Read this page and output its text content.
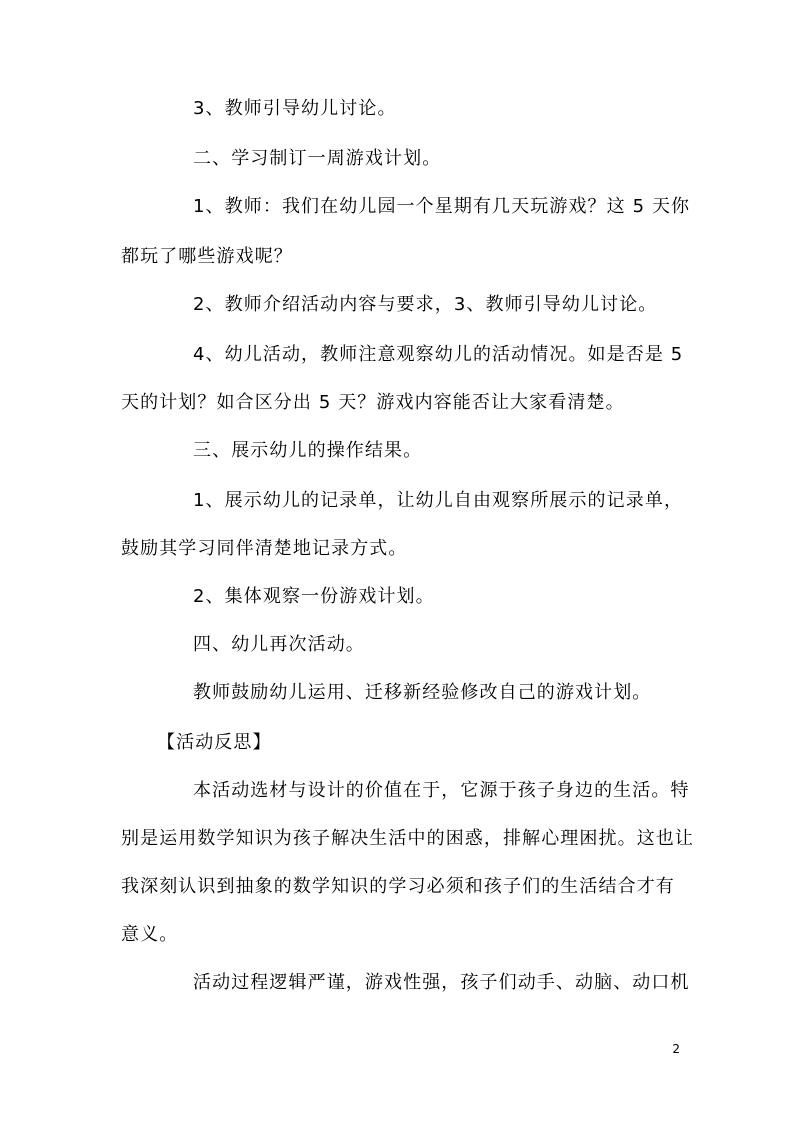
3、教师引导幼儿讨论。
二、学习制订一周游戏计划。
1、教师：我们在幼儿园一个星期有几天玩游戏？这 5 天你
都玩了哪些游戏呢？
2、教师介绍活动内容与要求，3、教师引导幼儿讨论。
4、幼儿活动，教师注意观察幼儿的活动情况。如是否是 5
天的计划？如合区分出 5 天？游戏内容能否让大家看清楚。
三、展示幼儿的操作结果。
1、展示幼儿的记录单，让幼儿自由观察所展示的记录单，
鼓励其学习同伴清楚地记录方式。
2、集体观察一份游戏计划。
四、幼儿再次活动。
教师鼓励幼儿运用、迁移新经验修改自己的游戏计划。
【活动反思】
本活动选材与设计的价值在于，它源于孩子身边的生活。特
别是运用数学知识为孩子解决生活中的困惑，排解心理困扰。这也让
我深刻认识到抽象的数学知识的学习必须和孩子们的生活结合才有
意义。
活动过程逻辑严谨，游戏性强，孩子们动手、动脑、动口机
2
